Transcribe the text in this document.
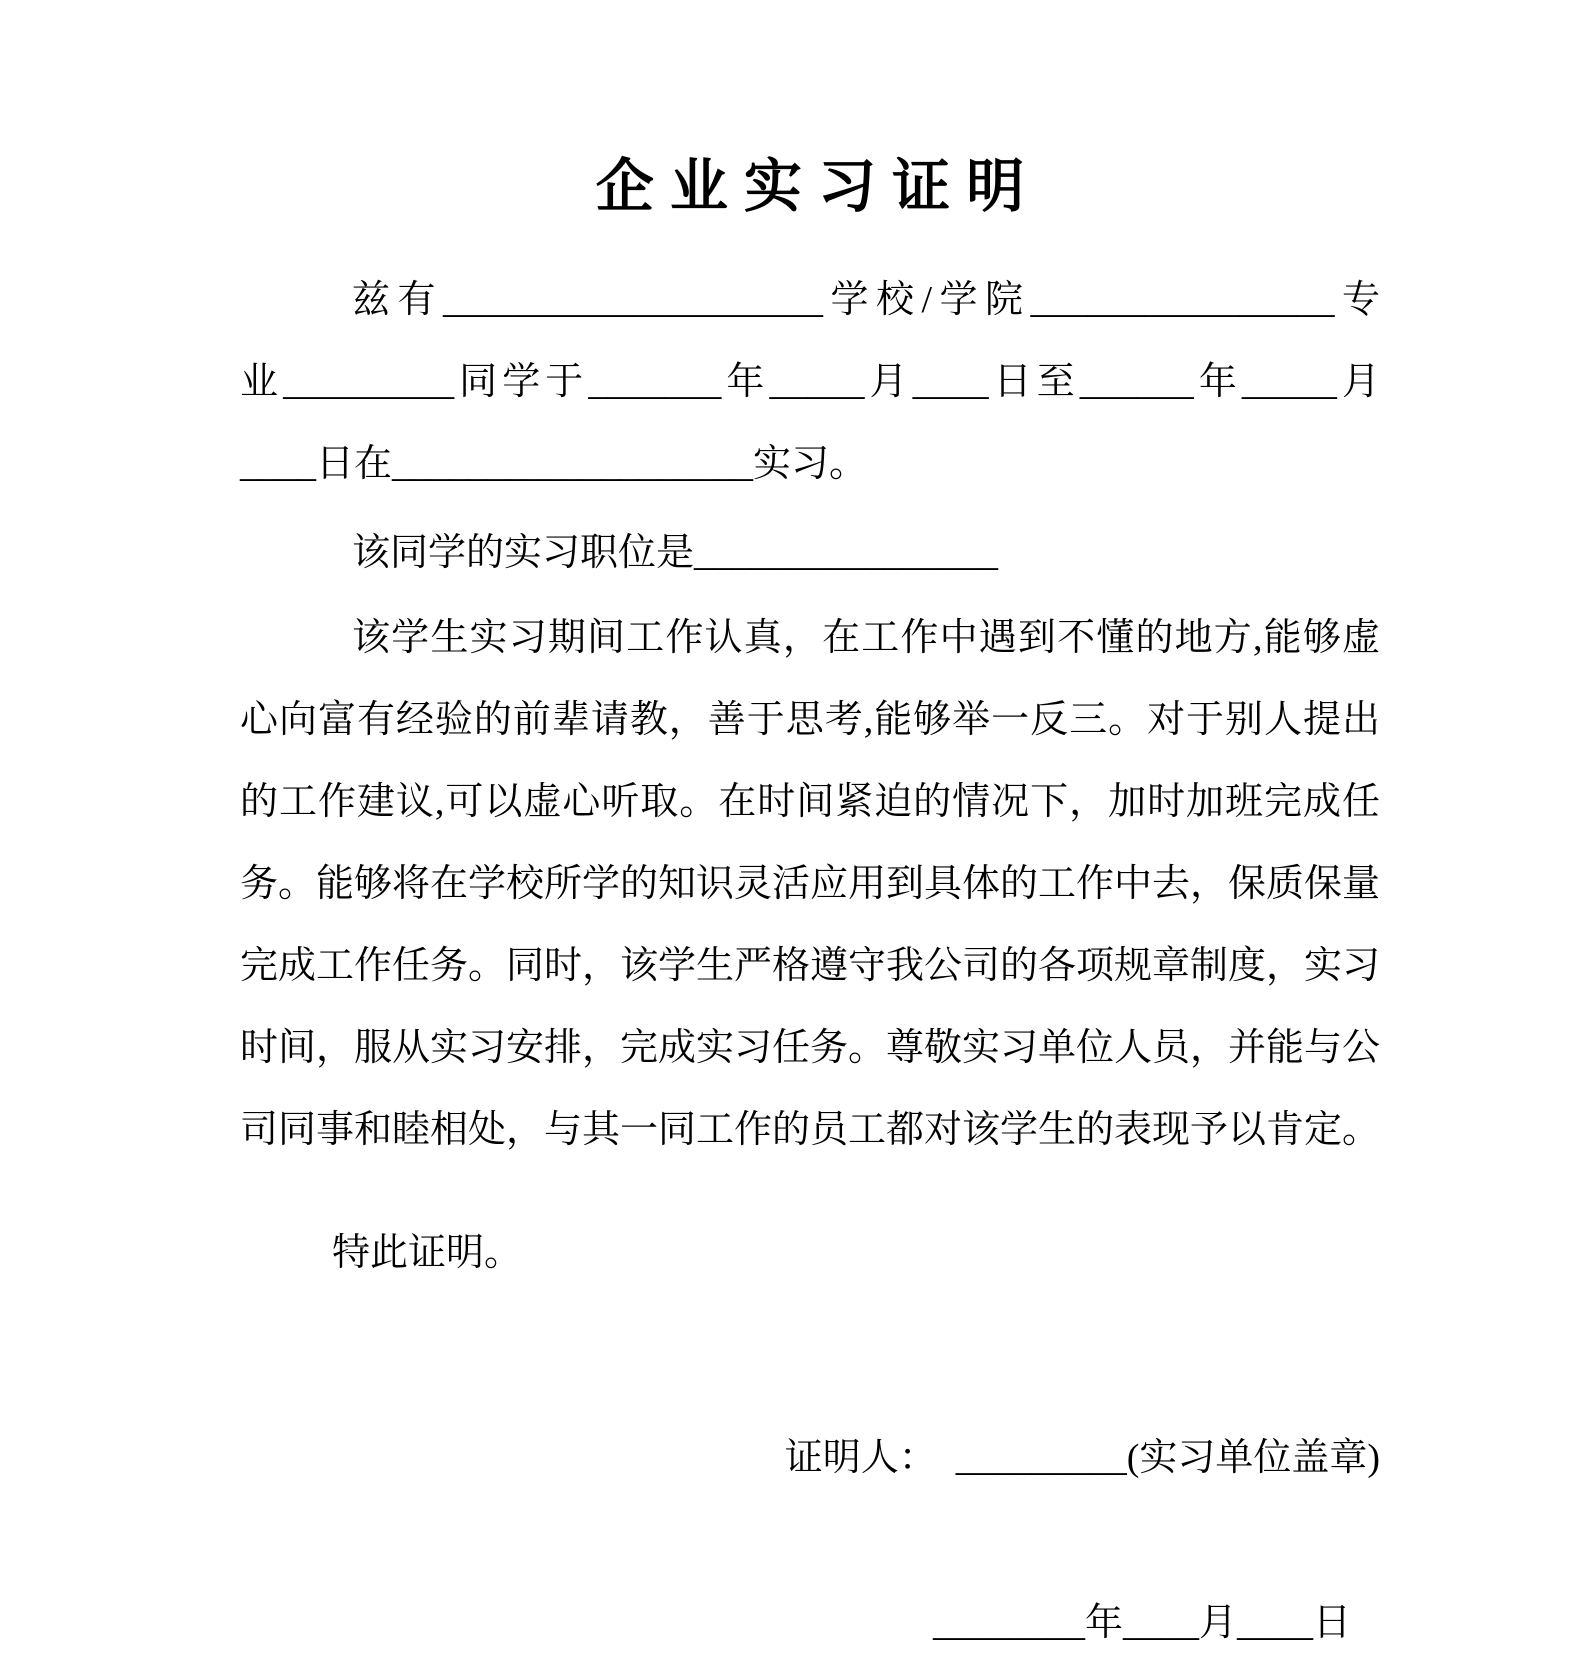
企 业 实 习 证 明
兹有____________________学校/学院________________专
业_________同学于_______年_____月____日至______年_____月
____日在___________________实习。
该同学的实习职位是________________
该学生实习期间工作认真，在工作中遇到不懂的地方,能够虚
心向富有经验的前辈请教，善于思考,能够举一反三。对于别人提出
的工作建议,可以虚心听取。在时间紧迫的情况下，加时加班完成任
务。能够将在学校所学的知识灵活应用到具体的工作中去，保质保量
完成工作任务。同时，该学生严格遵守我公司的各项规章制度，实习
时间，服从实习安排，完成实习任务。尊敬实习单位人员，并能与公
司同事和睦相处，与其一同工作的员工都对该学生的表现予以肯定。
特此证明。
证明人：　_________(实习单位盖章)
________年____月____日
